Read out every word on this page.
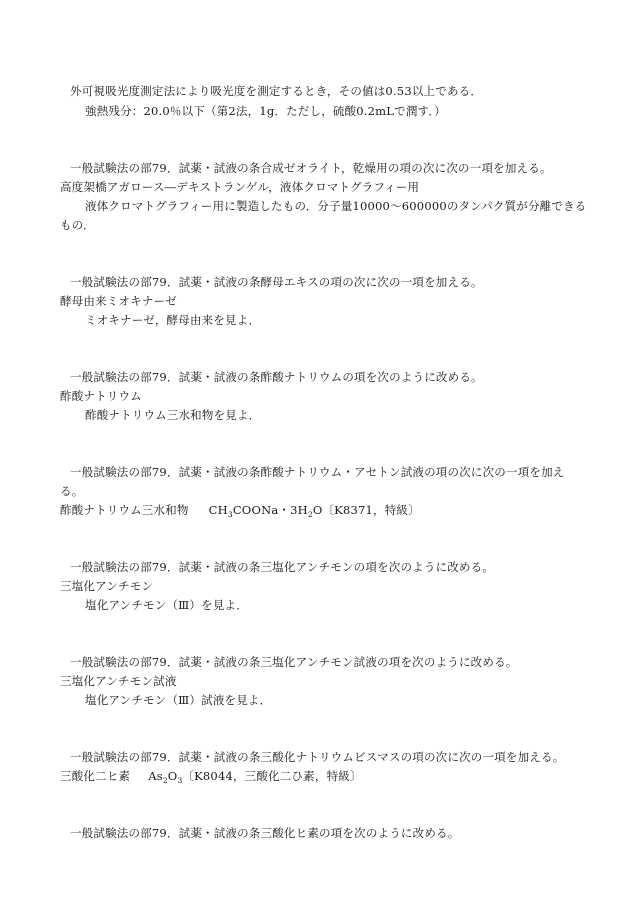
外可視吸光度測定法により吸光度を測定するとき，その値は0.53以上である．
強熱残分：20.0％以下（第2法，1g．ただし，硫酸0.2mLで潤す．）
一般試験法の部79．試薬・試液の条合成ゼオライト，乾燥用の項の次に次の一項を加える。
高度架橋アガロース―デキストランゲル，液体クロマトグラフィー用
液体クロマトグラフィー用に製造したもの．分子量10000～600000のタンパク質が分離できる
もの．
一般試験法の部79．試薬・試液の条酵母エキスの項の次に次の一項を加える。
酵母由来ミオキナーゼ
ミオキナーゼ，酵母由来を見よ．
一般試験法の部79．試薬・試液の条酢酸ナトリウムの項を次のように改める。
酢酸ナトリウム
酢酸ナトリウム三水和物を見よ．
一般試験法の部79．試薬・試液の条酢酸ナトリウム・アセトン試液の項の次に次の一項を加え
る。
酢酸ナトリウム三水和物 $CH_3COONa$・$3H_2O$〔K8371，特級〕
一般試験法の部79．試薬・試液の条三塩化アンチモンの項を次のように改める。
三塩化アンチモン
塩化アンチモン（Ⅲ）を見よ．
一般試験法の部79．試薬・試液の条三塩化アンチモン試液の項を次のように改める。
三塩化アンチモン試液
塩化アンチモン（Ⅲ）試液を見よ．
一般試験法の部79．試薬・試液の条三酸化ナトリウムビスマスの項の次に次の一項を加える。
三酸化二ヒ素 $As_2O_3$〔K8044，三酸化二ひ素，特級〕
一般試験法の部79．試薬・試液の条三酸化ヒ素の項を次のように改める。
